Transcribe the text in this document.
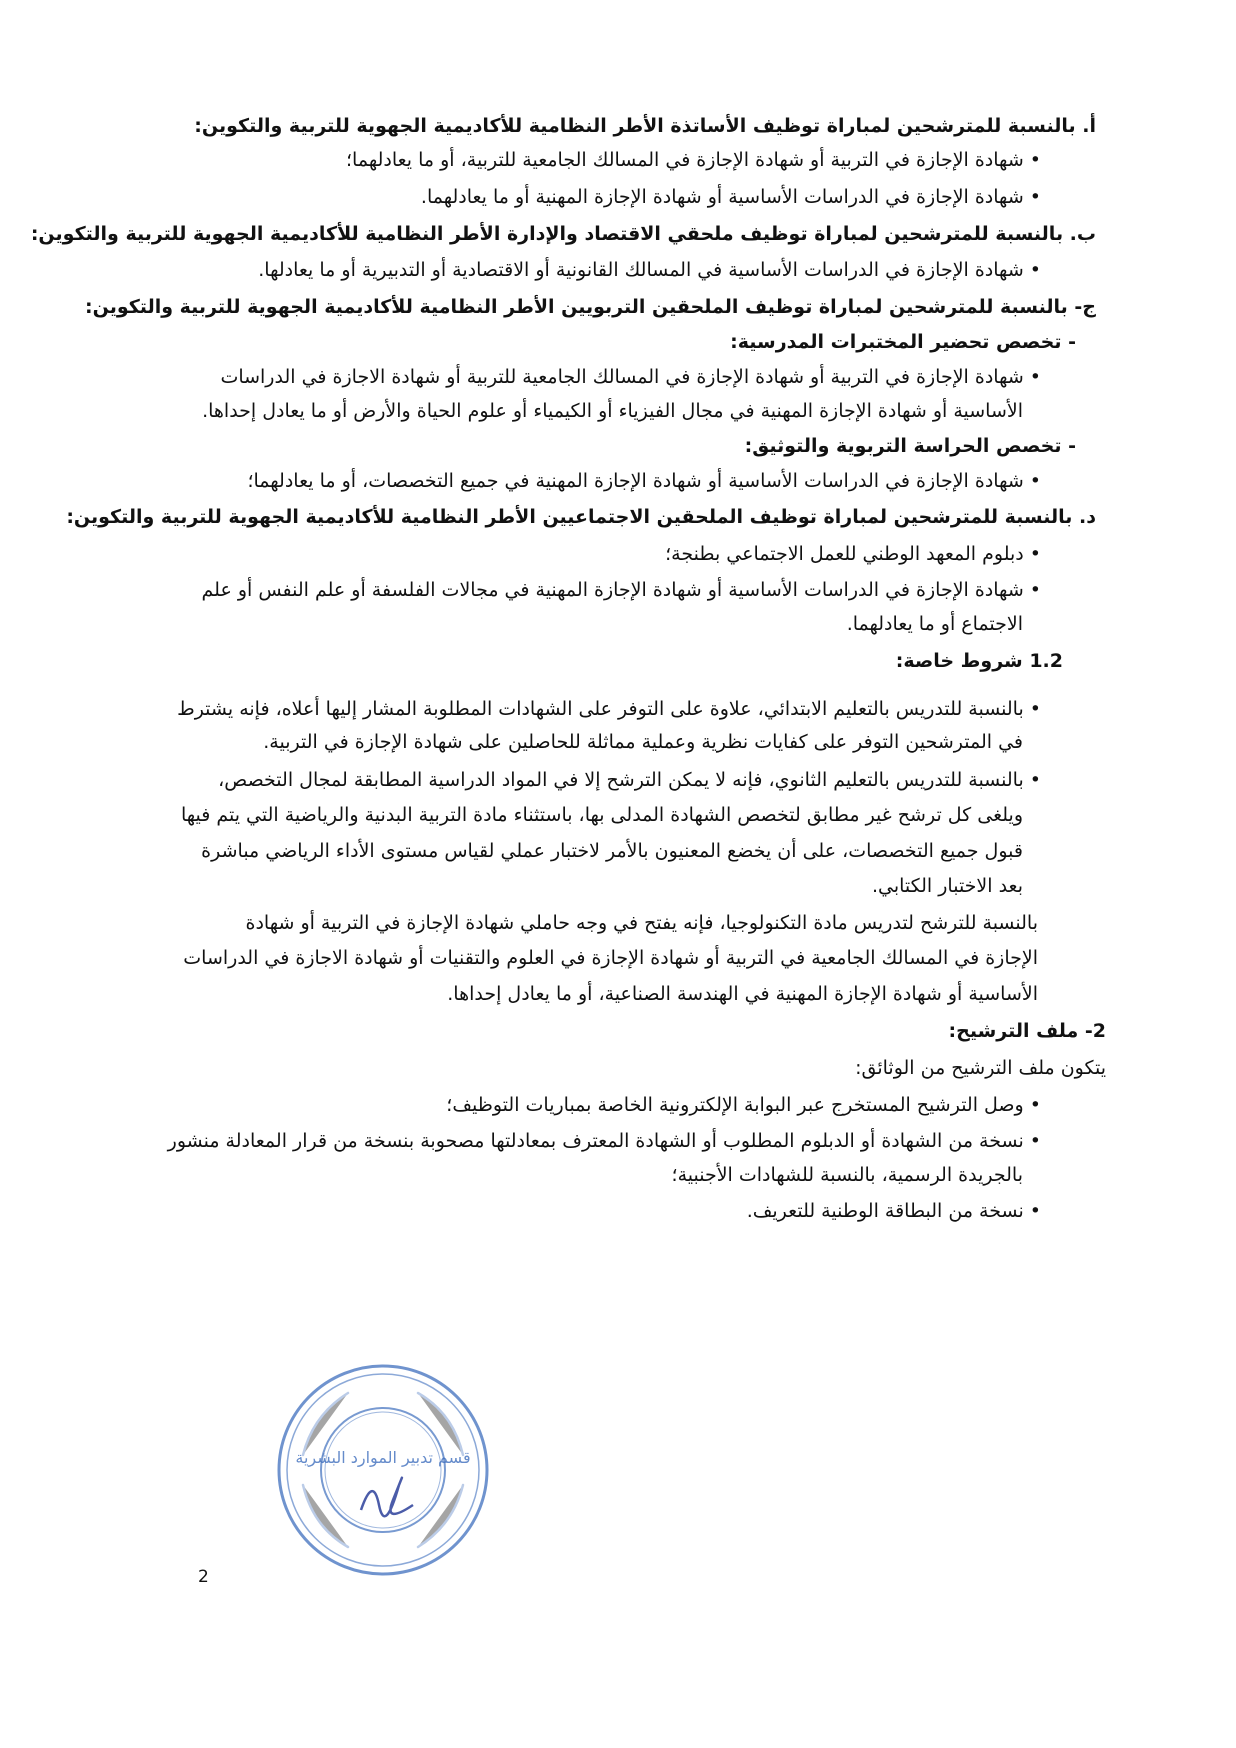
أ. بالنسبة للمترشحين لمباراة توظيف الأساتذة الأطر النظامية للأكاديمية الجهوية للتربية والتكوين:
• شهادة الإجازة في التربية أو شهادة الإجازة في المسالك الجامعية للتربية، أو ما يعادلهما؛
• شهادة الإجازة في الدراسات الأساسية أو شهادة الإجازة المهنية أو ما يعادلهما.
ب. بالنسبة للمترشحين لمباراة توظيف ملحقي الاقتصاد والإدارة الأطر النظامية للأكاديمية الجهوية للتربية والتكوين:
• شهادة الإجازة في الدراسات الأساسية في المسالك القانونية أو الاقتصادية أو التدبيرية أو ما يعادلها.
ج- بالنسبة للمترشحين لمباراة توظيف الملحقين التربويين الأطر النظامية للأكاديمية الجهوية للتربية والتكوين:
- تخصص تحضير المختبرات المدرسية:
• شهادة الإجازة في التربية أو شهادة الإجازة في المسالك الجامعية للتربية أو شهادة الاجازة في الدراسات
الأساسية أو شهادة الإجازة المهنية في مجال الفيزياء أو الكيمياء أو علوم الحياة والأرض أو ما يعادل إحداها.
- تخصص الحراسة التربوية والتوثيق:
• شهادة الإجازة في الدراسات الأساسية أو شهادة الإجازة المهنية في جميع التخصصات، أو ما يعادلهما؛
د. بالنسبة للمترشحين لمباراة توظيف الملحقين الاجتماعيين الأطر النظامية للأكاديمية الجهوية للتربية والتكوين:
• دبلوم المعهد الوطني للعمل الاجتماعي بطنجة؛
• شهادة الإجازة في الدراسات الأساسية أو شهادة الإجازة المهنية في مجالات الفلسفة أو علم النفس أو علم
الاجتماع أو ما يعادلهما.
1.2 شروط خاصة:
• بالنسبة للتدريس بالتعليم الابتدائي، علاوة على التوفر على الشهادات المطلوبة المشار إليها أعلاه، فإنه يشترط
في المترشحين التوفر على كفايات نظرية وعملية مماثلة للحاصلين على شهادة الإجازة في التربية.
• بالنسبة للتدريس بالتعليم الثانوي، فإنه لا يمكن الترشح إلا في المواد الدراسية المطابقة لمجال التخصص،
ويلغى كل ترشح غير مطابق لتخصص الشهادة المدلى بها، باستثناء مادة التربية البدنية والرياضية التي يتم فيها
قبول جميع التخصصات، على أن يخضع المعنيون بالأمر لاختبار عملي لقياس مستوى الأداء الرياضي مباشرة
بعد الاختبار الكتابي.
بالنسبة للترشح لتدريس مادة التكنولوجيا، فإنه يفتح في وجه حاملي شهادة الإجازة في التربية أو شهادة
الإجازة في المسالك الجامعية في التربية أو شهادة الإجازة في العلوم والتقنيات أو شهادة الاجازة في الدراسات
الأساسية أو شهادة الإجازة المهنية في الهندسة الصناعية، أو ما يعادل إحداها.
2- ملف الترشيح:
يتكون ملف الترشيح من الوثائق:
• وصل الترشيح المستخرج عبر البوابة الإلكترونية الخاصة بمباريات التوظيف؛
• نسخة من الشهادة أو الدبلوم المطلوب أو الشهادة المعترف بمعادلتها مصحوبة بنسخة من قرار المعادلة منشور
بالجريدة الرسمية، بالنسبة للشهادات الأجنبية؛
• نسخة من البطاقة الوطنية للتعريف.
قسم تدبير الموارد البشرية
2
